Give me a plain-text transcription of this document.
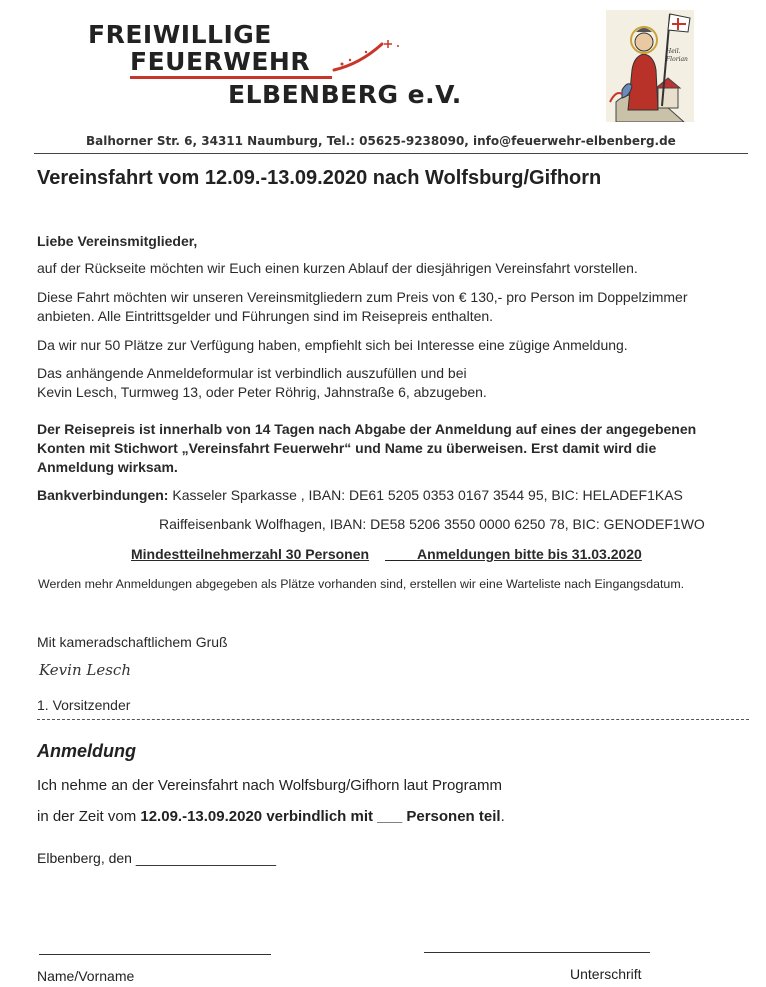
FREIWILLIGE
FEUERWEHR
ELBENBERG e.V.
Heil. Florian
Balhorner Str. 6, 34311 Naumburg, Tel.: 05625-9238090, info@feuerwehr-elbenberg.de
Vereinsfahrt vom 12.09.-13.09.2020 nach Wolfsburg/Gifhorn
Liebe Vereinsmitglieder,
auf der Rückseite möchten wir Euch einen kurzen Ablauf der diesjährigen Vereinsfahrt vorstellen.
Diese Fahrt möchten wir unseren Vereinsmitgliedern zum Preis von € 130,- pro Person im Doppelzimmer
anbieten. Alle Eintrittsgelder und Führungen sind im Reisepreis enthalten.
Da wir nur 50 Plätze zur Verfügung haben, empfiehlt sich bei Interesse eine zügige Anmeldung.
Das anhängende Anmeldeformular ist verbindlich auszufüllen und bei
Kevin Lesch, Turmweg 13, oder Peter Röhrig, Jahnstraße 6, abzugeben.
Der Reisepreis ist innerhalb von 14 Tagen nach Abgabe der Anmeldung auf eines der angegebenen
Konten mit Stichwort „Vereinsfahrt Feuerwehr“ und Name zu überweisen. Erst damit wird die
Anmeldung wirksam.
Bankverbindungen: Kasseler Sparkasse , IBAN: DE61 5205 0353 0167 3544 95, BIC: HELADEF1KAS
Raiffeisenbank Wolfhagen, IBAN: DE58 5206 3550 0000 6250 78, BIC: GENODEF1WO
Mindestteilnehmerzahl 30 Personen	Anmeldungen bitte bis 31.03.2020
Werden mehr Anmeldungen abgegeben als Plätze vorhanden sind, erstellen wir eine Warteliste nach Eingangsdatum.
Mit kameradschaftlichem Gruß
Kevin Lesch
1. Vorsitzender
Anmeldung
Ich nehme an der Vereinsfahrt nach Wolfsburg/Gifhorn laut Programm
in der Zeit vom 12.09.-13.09.2020 verbindlich mit ___ Personen teil.
Elbenberg, den __________________
Name/Vorname	Unterschrift
